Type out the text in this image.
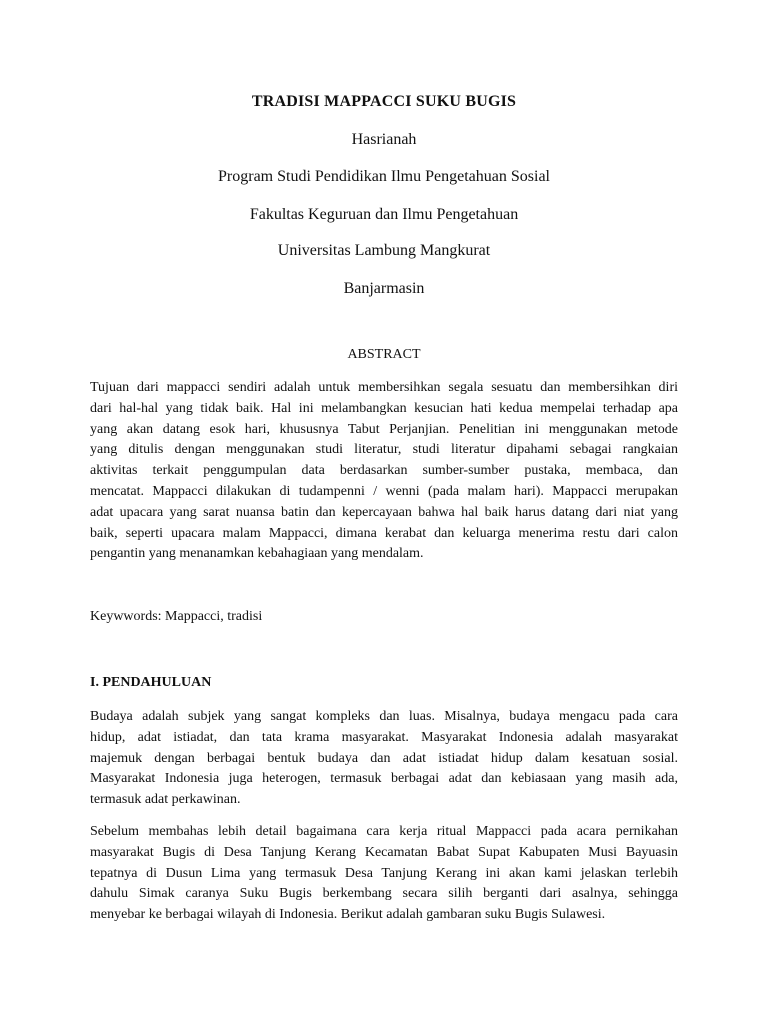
TRADISI MAPPACCI SUKU BUGIS
Hasrianah
Program Studi Pendidikan Ilmu Pengetahuan Sosial
Fakultas Keguruan dan Ilmu Pengetahuan
Universitas Lambung Mangkurat
Banjarmasin
ABSTRACT
Tujuan dari mappacci sendiri adalah untuk membersihkan segala sesuatu dan membersihkan diri
dari hal-hal yang tidak baik. Hal ini melambangkan kesucian hati kedua mempelai terhadap apa
yang akan datang esok hari, khususnya Tabut Perjanjian. Penelitian ini menggunakan metode
yang ditulis dengan menggunakan studi literatur, studi literatur dipahami sebagai rangkaian
aktivitas terkait penggumpulan data berdasarkan sumber-sumber pustaka, membaca, dan
mencatat. Mappacci dilakukan di tudampenni / wenni (pada malam hari). Mappacci merupakan
adat upacara yang sarat nuansa batin dan kepercayaan bahwa hal baik harus datang dari niat yang
baik, seperti upacara malam Mappacci, dimana kerabat dan keluarga menerima restu dari calon
pengantin yang menanamkan kebahagiaan yang mendalam.
Keywwords: Mappacci, tradisi
I. PENDAHULUAN
Budaya adalah subjek yang sangat kompleks dan luas. Misalnya, budaya mengacu pada cara
hidup, adat istiadat, dan tata krama masyarakat. Masyarakat Indonesia adalah masyarakat
majemuk dengan berbagai bentuk budaya dan adat istiadat hidup dalam kesatuan sosial.
Masyarakat Indonesia juga heterogen, termasuk berbagai adat dan kebiasaan yang masih ada,
termasuk adat perkawinan.
Sebelum membahas lebih detail bagaimana cara kerja ritual Mappacci pada acara pernikahan
masyarakat Bugis di Desa Tanjung Kerang Kecamatan Babat Supat Kabupaten Musi Bayuasin
tepatnya di Dusun Lima yang termasuk Desa Tanjung Kerang ini akan kami jelaskan terlebih
dahulu Simak caranya Suku Bugis berkembang secara silih berganti dari asalnya, sehingga
menyebar ke berbagai wilayah di Indonesia. Berikut adalah gambaran suku Bugis Sulawesi.
